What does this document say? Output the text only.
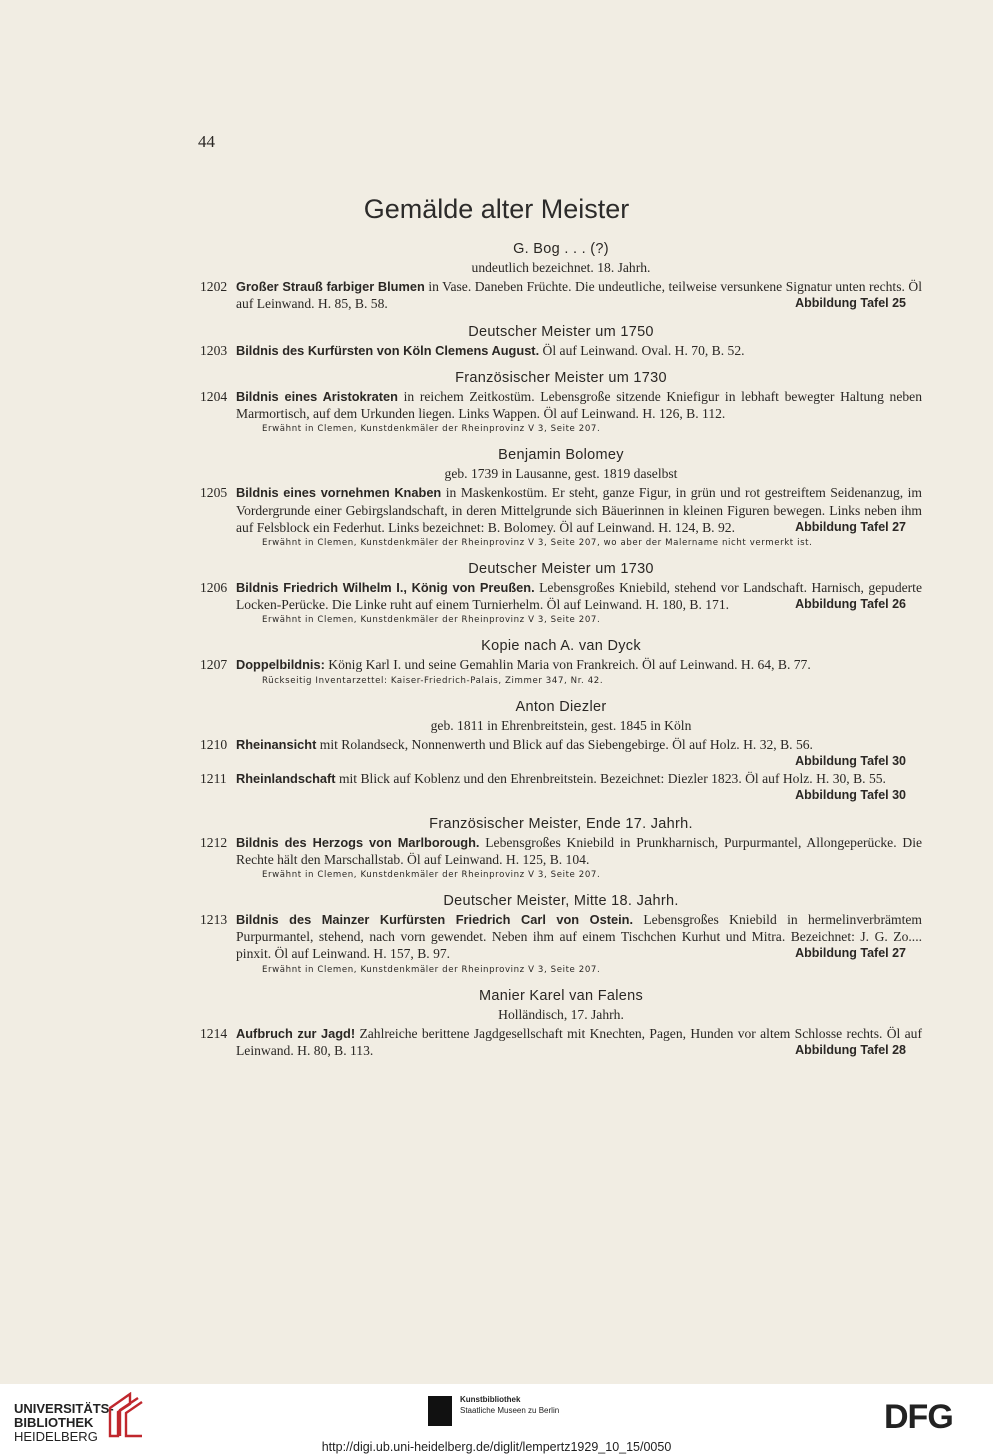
44
Gemälde alter Meister
G. Bog . . . (?)
undeutlich bezeichnet. 18. Jahrh.
1202 Großer Strauß farbiger Blumen in Vase. Daneben Früchte. Die undeutliche, teilweise versunkene Signatur unten rechts. Öl auf Leinwand. H. 85, B. 58.	Abbildung Tafel 25
Deutscher Meister um 1750
1203 Bildnis des Kurfürsten von Köln Clemens August. Öl auf Leinwand. Oval. H. 70, B. 52.
Französischer Meister um 1730
1204 Bildnis eines Aristokraten in reichem Zeitkostüm. Lebensgroße sitzende Kniefigur in lebhaft bewegter Haltung neben Marmortisch, auf dem Urkunden liegen. Links Wappen. Öl auf Leinwand. H. 126, B. 112.
Erwähnt in Clemen, Kunstdenkmäler der Rheinprovinz V 3, Seite 207.
Benjamin Bolomey
geb. 1739 in Lausanne, gest. 1819 daselbst
1205 Bildnis eines vornehmen Knaben in Maskenkostüm. Er steht, ganze Figur, in grün und rot gestreiftem Seidenanzug, im Vordergrunde einer Gebirgslandschaft, in deren Mittelgrunde sich Bäuerinnen in kleinen Figuren bewegen. Links neben ihm auf Felsblock ein Federhut. Links bezeichnet: B. Bolomey. Öl auf Leinwand. H. 124, B. 92.	Abbildung Tafel 27
Erwähnt in Clemen, Kunstdenkmäler der Rheinprovinz V 3, Seite 207, wo aber der Malername nicht vermerkt ist.
Deutscher Meister um 1730
1206 Bildnis Friedrich Wilhelm I., König von Preußen. Lebensgroßes Kniebild, stehend vor Landschaft. Harnisch, gepuderte Locken-Perücke. Die Linke ruht auf einem Turnierhelm. Öl auf Leinwand. H. 180, B. 171.	Abbildung Tafel 26
Erwähnt in Clemen, Kunstdenkmäler der Rheinprovinz V 3, Seite 207.
Kopie nach A. van Dyck
1207 Doppelbildnis: König Karl I. und seine Gemahlin Maria von Frankreich. Öl auf Leinwand. H. 64, B. 77.
Rückseitig Inventarzettel: Kaiser-Friedrich-Palais, Zimmer 347, Nr. 42.
Anton Diezler
geb. 1811 in Ehrenbreitstein, gest. 1845 in Köln
1210 Rheinansicht mit Rolandseck, Nonnenwerth und Blick auf das Siebengebirge. Öl auf Holz. H. 32, B. 56.
Abbildung Tafel 30
1211 Rheinlandschaft mit Blick auf Koblenz und den Ehrenbreitstein. Bezeichnet: Diezler 1823. Öl auf Holz. H. 30, B. 55.
Abbildung Tafel 30
Französischer Meister, Ende 17. Jahrh.
1212 Bildnis des Herzogs von Marlborough. Lebensgroßes Kniebild in Prunkharnisch, Purpurmantel, Allongeperücke. Die Rechte hält den Marschallstab. Öl auf Leinwand. H. 125, B. 104.
Erwähnt in Clemen, Kunstdenkmäler der Rheinprovinz V 3, Seite 207.
Deutscher Meister, Mitte 18. Jahrh.
1213 Bildnis des Mainzer Kurfürsten Friedrich Carl von Ostein. Lebensgroßes Kniebild in hermelinverbrämtem Purpurmantel, stehend, nach vorn gewendet. Neben ihm auf einem Tischchen Kurhut und Mitra. Bezeichnet: J. G. Zo.... pinxit. Öl auf Leinwand. H. 157, B. 97.	Abbildung Tafel 27
Erwähnt in Clemen, Kunstdenkmäler der Rheinprovinz V 3, Seite 207.
Manier Karel van Falens
Holländisch, 17. Jahrh.
1214 Aufbruch zur Jagd! Zahlreiche berittene Jagdgesellschaft mit Knechten, Pagen, Hunden vor altem Schlosse rechts. Öl auf Leinwand. H. 80, B. 113.	Abbildung Tafel 28
UNIVERSITÄTS-
BIBLIOTHEK
HEIDELBERG
Kunstbibliothek
Staatliche Museen zu Berlin	DFG
http://digi.ub.uni-heidelberg.de/diglit/lempertz1929_10_15/0050
